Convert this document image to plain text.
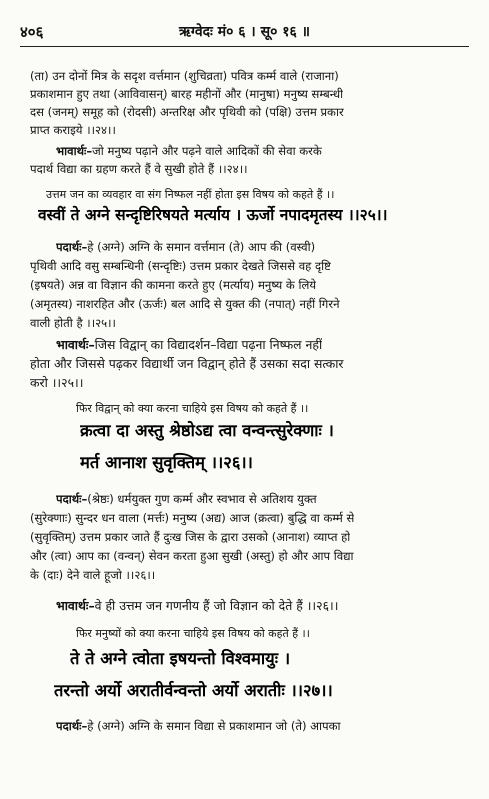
४०६	ऋग्वेदः मं० ६ । सू० १६ ॥
(ता) उन दोनों मित्र के सदृश वर्त्तमान (शुचिव्रता) पवित्र कर्म्म वाले (राजाना)
प्रकाशमान हुए तथा (आविवासन्) बारह महीनों और (मानुषा) मनुष्य सम्बन्धी
दस (जनम्) समूह को (रोदसी) अन्तरिक्ष और पृथिवी को (पक्षि) उत्तम प्रकार
प्राप्त कराइये ।।२४।।
भावार्थः–जो मनुष्य पढ़ाने और पढ़ने वाले आदिकों की सेवा करके
पदार्थ विद्या का ग्रहण करते हैं वे सुखी होते हैं ।।२४।।
उत्तम जन का व्यवहार वा संग निष्फल नहीं होता इस विषय को कहते हैं ।।
वस्वीं ते अग्ने सन्दृष्टिरिषयते मर्त्याय । ऊर्जो नपादमृतस्य ।।२५।।
पदार्थः–हे (अग्ने) अग्नि के समान वर्त्तमान (ते) आप की (वस्वी)
पृथिवी आदि वसु सम्बन्धिनी (सन्दृष्टिः) उत्तम प्रकार देखते जिससे वह दृष्टि
(इषयते) अन्न वा विज्ञान की कामना करते हुए (मर्त्याय) मनुष्य के लिये
(अमृतस्य) नाशरहित और (ऊर्जः) बल आदि से युक्त की (नपात्) नहीं गिरने
वाली होती है ।।२५।।
भावार्थः–जिस विद्वान् का विद्यादर्शन–विद्या पढ़ना निष्फल नहीं
होता और जिससे पढ़कर विद्यार्थी जन विद्वान् होते हैं उसका सदा सत्कार
करो ।।२५।।
फिर विद्वान् को क्या करना चाहिये इस विषय को कहते हैं ।।
क्रत्वा दा अस्तु श्रेष्ठोऽद्य त्वा वन्वन्त्सुरेक्णाः ।
मर्त आनाश सुवृक्तिम् ।।२६।।
पदार्थः–(श्रेष्ठः) धर्मयुक्त गुण कर्म्म और स्वभाव से अतिशय युक्त
(सुरेक्णाः) सुन्दर धन वाला (मर्त्तः) मनुष्य (अद्य) आज (क्रत्वा) बुद्धि वा कर्म्म से
(सुवृक्तिम्) उत्तम प्रकार जाते हैं दुःख जिस के द्वारा उसको (आनाश) व्याप्त हो
और (त्वा) आप का (वन्वन्) सेवन करता हुआ सुखी (अस्तु) हो और आप विद्या
के (दाः) देने वाले हूजो ।।२६।।
भावार्थः–वे ही उत्तम जन गणनीय हैं जो विज्ञान को देते हैं ।।२६।।
फिर मनुष्यों को क्या करना चाहिये इस विषय को कहते हैं ।।
ते ते अग्ने त्वोता इषयन्तो विश्वमायुः ।
तरन्तो अर्यो अरातीर्वन्वन्तो अर्यो अरातीः ।।२७।।
पदार्थः–हे (अग्ने) अग्नि के समान विद्या से प्रकाशमान जो (ते) आपका
